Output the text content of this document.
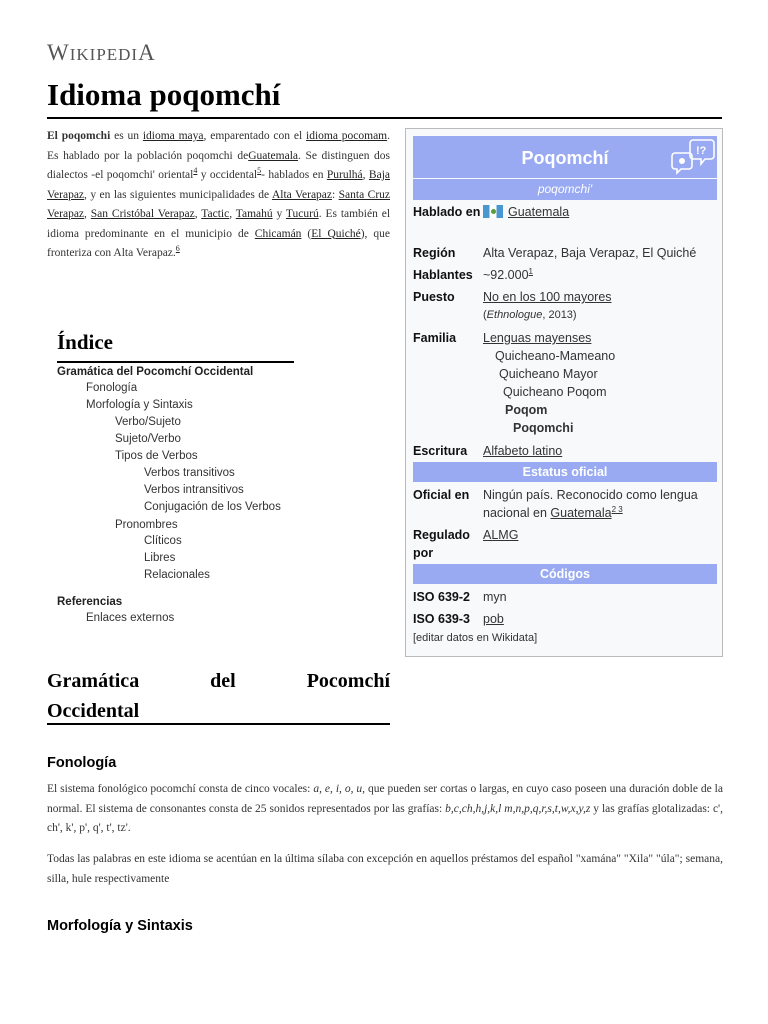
WIKIPEDIA
Idioma poqomchí

El poqomchi es un idioma maya, emparentado con el idioma pocomam. Es hablado por la población poqomchi deGuatemala. Se distinguen dos dialectos -el poqomchi' oriental$^4$ y occidental$^5$- hablados en Purulhá, Baja Verapaz, y en las siguientes municipalidades de Alta Verapaz: Santa Cruz Verapaz, San Cristóbal Verapaz, Tactic, Tamahú y Tucurú. Es también el idioma predominante en el municipio de Chicamán (El Quiché), que fronteriza con Alta Verapaz.$^6$

Índice
Gramática del Pocomchí Occidental
Fonología
Morfología y Sintaxis
Verbo/Sujeto
Sujeto/Verbo
Tipos de Verbos
Verbos transitivos
Verbos intransitivos
Conjugación de los Verbos
Pronombres
Clíticos
Libres
Relacionales
Referencias
Enlaces externos
Poqomchí	!?
poqomchi'
Hablado en	Guatemala
Región Alta Verapaz, Baja Verapaz, El Quiché
Hablantes ~92.000$^1$
Puesto No en los 100 mayores
(Ethnologue, 2013)
Familia Lenguas mayenses
Quicheano-Mameano
Quicheano Mayor
Quicheano Poqom
Poqom
Poqomchi
Escritura Alfabeto latino
Estatus oficial
Oficial en Ningún país. Reconocido como lengua
nacional en Guatemala$^{2 3}$
Regulado
por
ALMG
Códigos
ISO 639-2 myn
ISO 639-3 pob
[editar datos en Wikidata]
Gramática	del	Pocomchí
Occidental
Fonología

El sistema fonológico pocomchí consta de cinco vocales: a, e, i, o, u, que pueden ser cortas o largas, en cuyo caso poseen una duración doble de la normal. El sistema de consonantes consta de 25 sonidos representados por las grafías: b,c,ch,h,j,k,l m,n,p,q,r,s,t,w,x,y,z y las grafías glotalizadas: c', ch', k', p', q', t', tz'.

Todas las palabras en este idioma se acentúan en la última sílaba con excepción en aquellos préstamos del español "xamána" "Xila" "úla"; semana, silla, hule respectivamente

Morfología y Sintaxis
